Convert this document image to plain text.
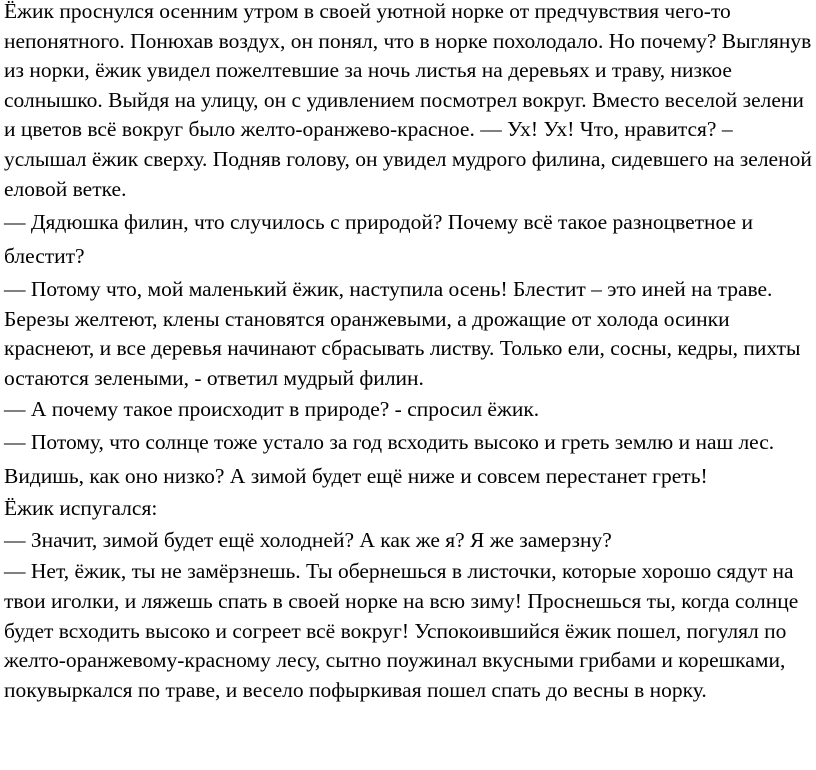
Ёжик проснулся осенним утром в своей уютной норке от предчувствия чего-то непонятного. Понюхав воздух, он понял, что в норке похолодало. Но почему? Выглянув из норки, ёжик увидел пожелтевшие за ночь листья на деревьях и траву, низкое солнышко. Выйдя на улицу, он с удивлением посмотрел вокруг. Вместо веселой зелени и цветов всё вокруг было желто-оранжево-красное. — Ух! Ух! Что, нравится? – услышал ёжик сверху. Подняв голову, он увидел мудрого филина, сидевшего на зеленой еловой ветке.

— Дядюшка филин, что случилось с природой? Почему всё такое разноцветное и блестит?

— Потому что, мой маленький ёжик, наступила осень! Блестит – это иней на траве. Березы желтеют, клены становятся оранжевыми, а дрожащие от холода осинки краснеют, и все деревья начинают сбрасывать листву. Только ели, сосны, кедры, пихты остаются зелеными, - ответил мудрый филин.

— А почему такое происходит в природе? - спросил ёжик.

— Потому, что солнце тоже устало за год всходить высоко и греть землю и наш лес. Видишь, как оно низко? А зимой будет ещё ниже и совсем перестанет греть!

Ёжик испугался:

— Значит, зимой будет ещё холодней? А как же я? Я же замерзну?

— Нет, ёжик, ты не замёрзнешь. Ты обернешься в листочки, которые хорошо сядут на твои иголки, и ляжешь спать в своей норке на всю зиму! Проснешься ты, когда солнце будет всходить высоко и согреет всё вокруг! Успокоившийся ёжик пошел, погулял по желто-оранжевому-красному лесу, сытно поужинал вкусными грибами и корешками, покувыркался по траве, и весело пофыркивая пошел спать до весны в норку.
